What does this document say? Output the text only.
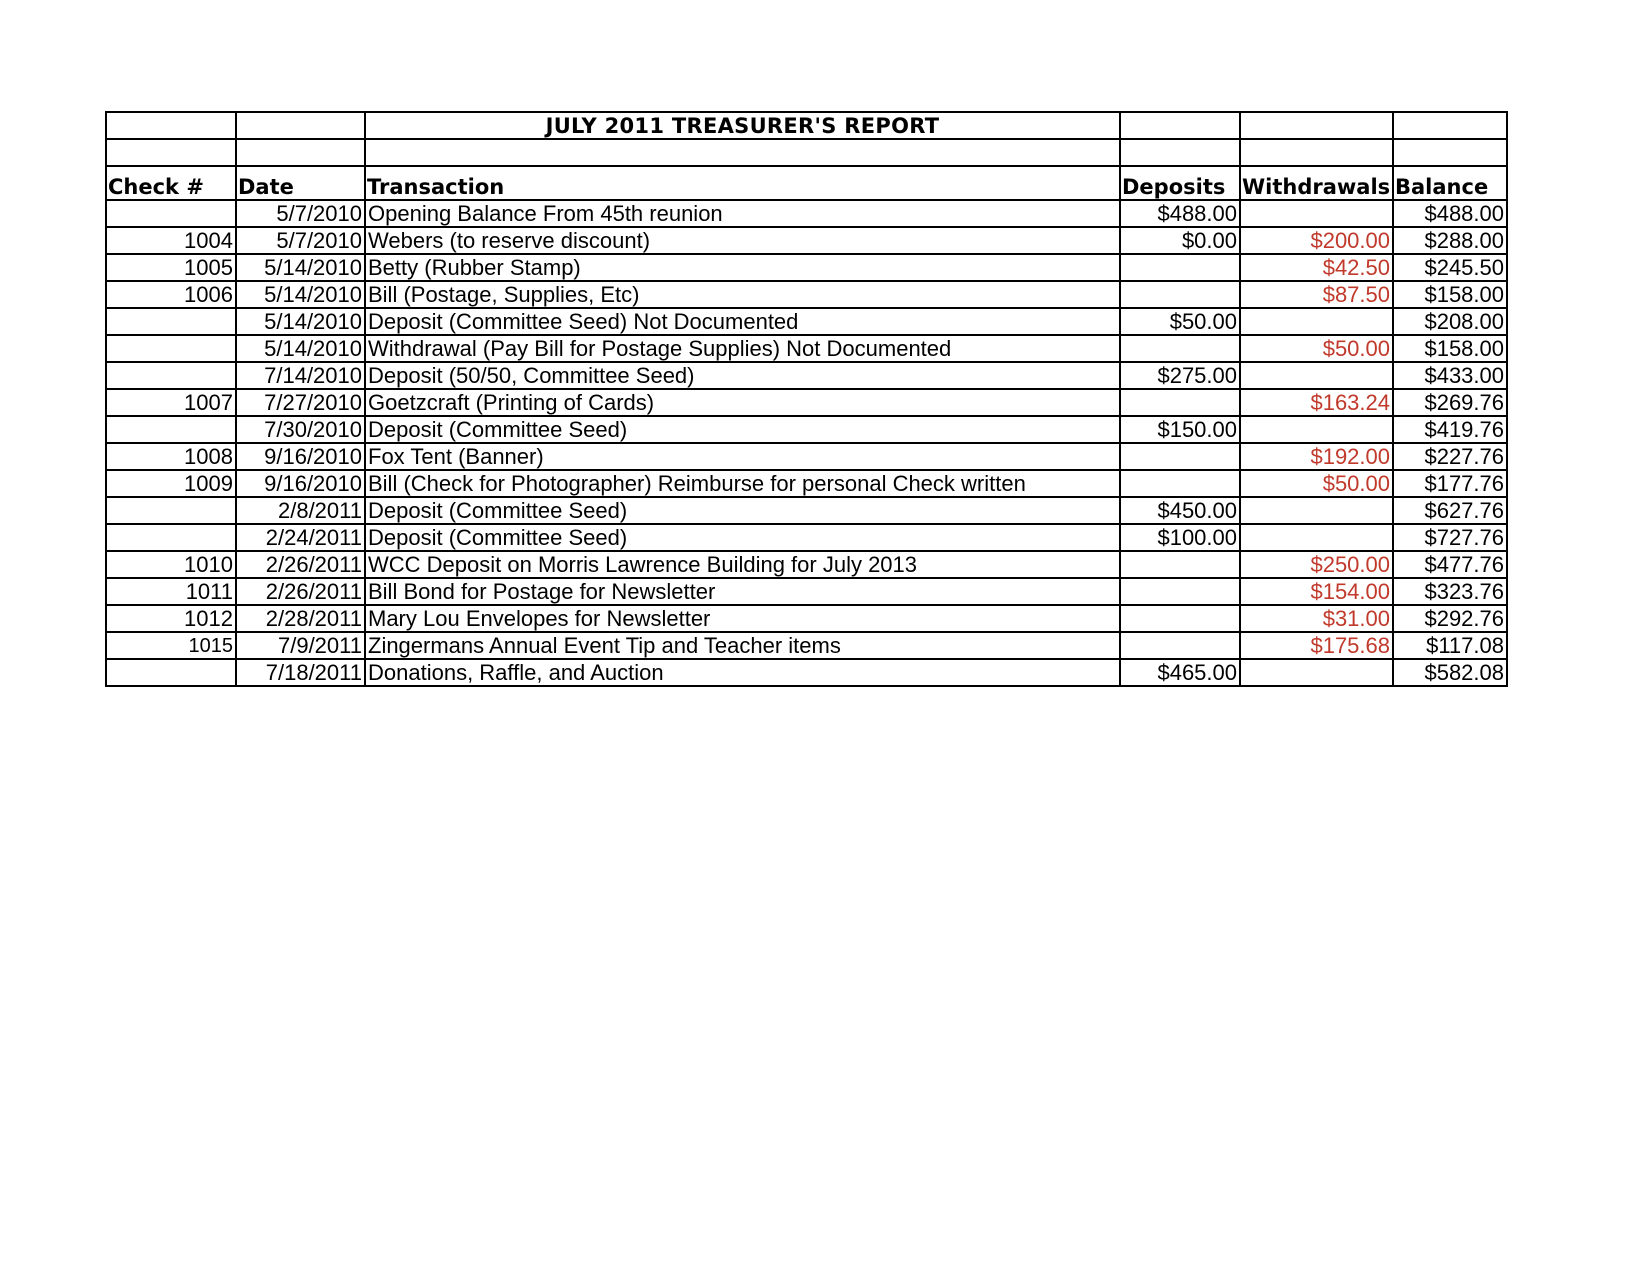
		JULY 2011 TREASURER'S REPORT			

Check #	Date	Transaction	Deposits	Withdrawals	Balance
	5/7/2010	Opening Balance From 45th reunion	$488.00		$488.00
1004	5/7/2010	Webers (to reserve discount)	$0.00	$200.00	$288.00
1005	5/14/2010	Betty (Rubber Stamp)		$42.50	$245.50
1006	5/14/2010	Bill (Postage, Supplies, Etc)		$87.50	$158.00
	5/14/2010	Deposit (Committee Seed) Not Documented	$50.00		$208.00
	5/14/2010	Withdrawal (Pay Bill for Postage Supplies) Not Documented		$50.00	$158.00
	7/14/2010	Deposit (50/50, Committee Seed)	$275.00		$433.00
1007	7/27/2010	Goetzcraft (Printing of Cards)		$163.24	$269.76
	7/30/2010	Deposit (Committee Seed)	$150.00		$419.76
1008	9/16/2010	Fox Tent (Banner)		$192.00	$227.76
1009	9/16/2010	Bill (Check for Photographer) Reimburse for personal Check written		$50.00	$177.76
	2/8/2011	Deposit (Committee Seed)	$450.00		$627.76
	2/24/2011	Deposit (Committee Seed)	$100.00		$727.76
1010	2/26/2011	WCC Deposit on Morris Lawrence Building for July 2013		$250.00	$477.76
1011	2/26/2011	Bill Bond for Postage for Newsletter		$154.00	$323.76
1012	2/28/2011	Mary Lou Envelopes for Newsletter		$31.00	$292.76
1015	7/9/2011	Zingermans Annual Event Tip and Teacher items		$175.68	$117.08
	7/18/2011	Donations, Raffle, and Auction	$465.00		$582.08
